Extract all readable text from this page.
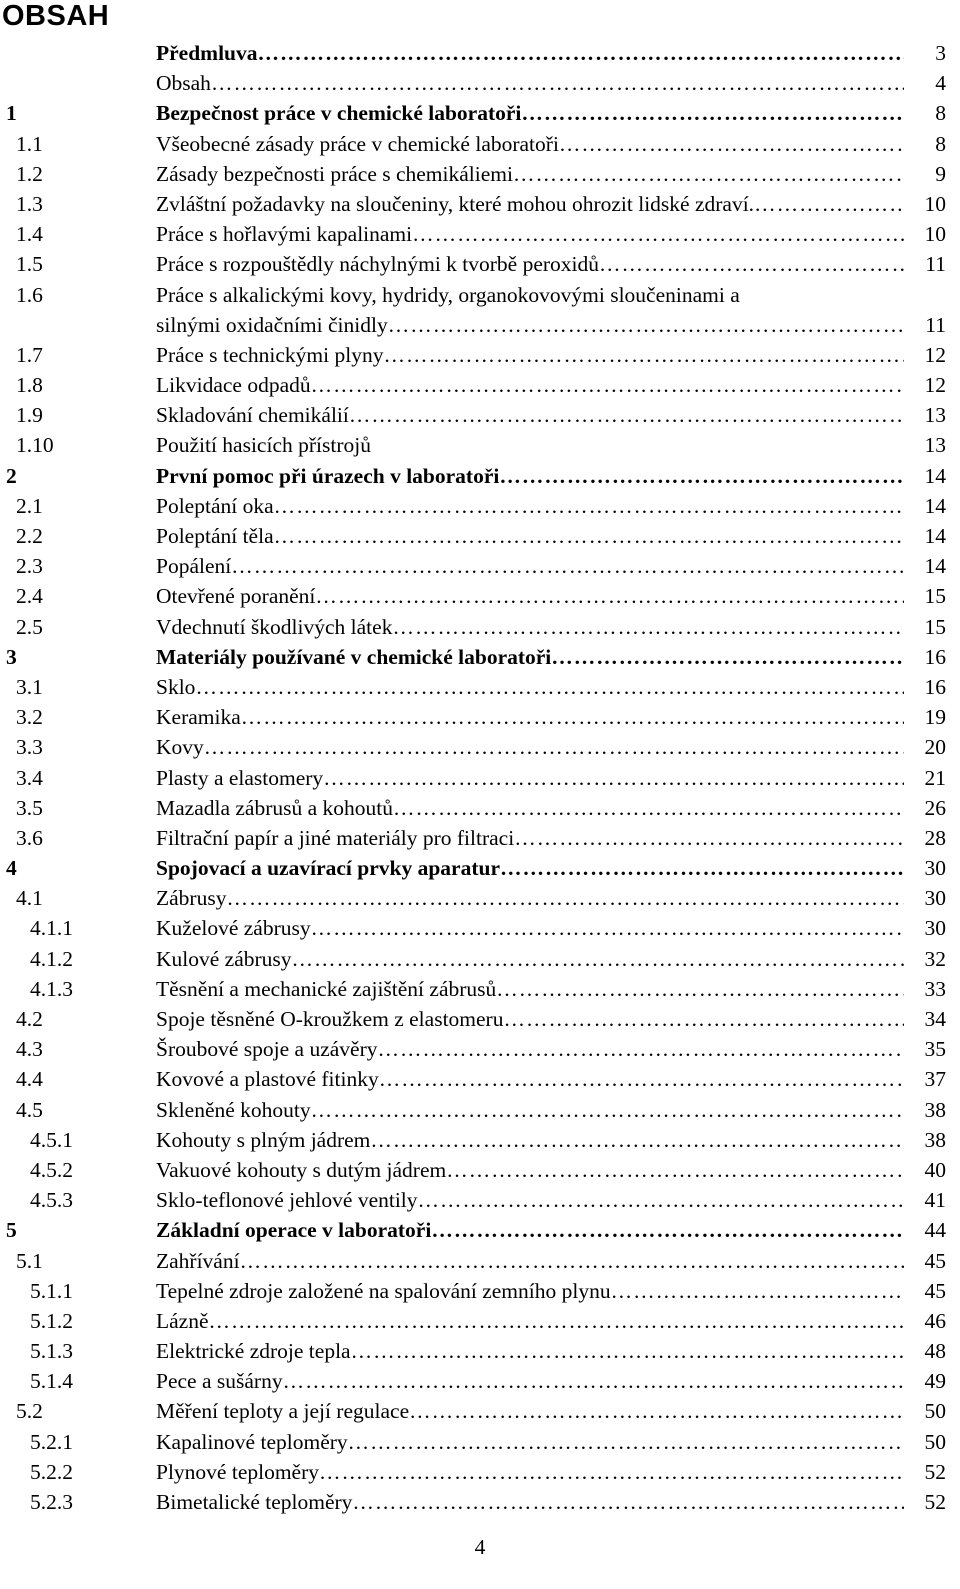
OBSAH
Předmluva ……………………………………………………………………………………………………………………………………………………………………………………………	3
Obsah ……………………………………………………………………………………………………………………………………………………………………………………………	4
1	Bezpečnost práce v chemické laboratoři ……………………………………………………………………………………………………………………………………………………………………………………………	8
1.1	Všeobecné zásady práce v chemické laboratoři ……………………………………………………………………………………………………………………………………………………………………………………………	8
1.2	Zásady bezpečnosti práce s chemikáliemi ……………………………………………………………………………………………………………………………………………………………………………………………	9
1.3	Zvláštní požadavky na sloučeniny, které mohou ohrozit lidské zdraví. ……………………………………………………………………………………………………………………………………………………………………………………………	10
1.4	Práce s hořlavými kapalinami ……………………………………………………………………………………………………………………………………………………………………………………………	10
1.5	Práce s rozpouštědly náchylnými k tvorbě peroxidů ……………………………………………………………………………………………………………………………………………………………………………………………	11
1.6	Práce s alkalickými kovy, hydridy, organokovovými sloučeninami a
silnými oxidačními činidly ……………………………………………………………………………………………………………………………………………………………………………………………	11
1.7	Práce s technickými plyny ……………………………………………………………………………………………………………………………………………………………………………………………	12
1.8	Likvidace odpadů ……………………………………………………………………………………………………………………………………………………………………………………………	12
1.9	Skladování chemikálií ……………………………………………………………………………………………………………………………………………………………………………………………	13
1.10	Použití hasicích přístrojů	13
2	První pomoc při úrazech v laboratoři ……………………………………………………………………………………………………………………………………………………………………………………………	14
2.1	Poleptání oka ……………………………………………………………………………………………………………………………………………………………………………………………	14
2.2	Poleptání těla ……………………………………………………………………………………………………………………………………………………………………………………………	14
2.3	Popálení ……………………………………………………………………………………………………………………………………………………………………………………………	14
2.4	Otevřené poranění ……………………………………………………………………………………………………………………………………………………………………………………………	15
2.5	Vdechnutí škodlivých látek ……………………………………………………………………………………………………………………………………………………………………………………………	15
3	Materiály používané v chemické laboratoři ……………………………………………………………………………………………………………………………………………………………………………………………	16
3.1	Sklo ……………………………………………………………………………………………………………………………………………………………………………………………	16
3.2	Keramika ……………………………………………………………………………………………………………………………………………………………………………………………	19
3.3	Kovy ……………………………………………………………………………………………………………………………………………………………………………………………	20
3.4	Plasty a elastomery ……………………………………………………………………………………………………………………………………………………………………………………………	21
3.5	Mazadla zábrusů a kohoutů ……………………………………………………………………………………………………………………………………………………………………………………………	26
3.6	Filtrační papír a jiné materiály pro filtraci ……………………………………………………………………………………………………………………………………………………………………………………………	28
4	Spojovací a uzavírací prvky aparatur ……………………………………………………………………………………………………………………………………………………………………………………………	30
4.1	Zábrusy ……………………………………………………………………………………………………………………………………………………………………………………………	30
4.1.1	Kuželové zábrusy ……………………………………………………………………………………………………………………………………………………………………………………………	30
4.1.2	Kulové zábrusy ……………………………………………………………………………………………………………………………………………………………………………………………	32
4.1.3	Těsnění a mechanické zajištění zábrusů ……………………………………………………………………………………………………………………………………………………………………………………………	33
4.2	Spoje těsněné O-kroužkem z elastomeru ……………………………………………………………………………………………………………………………………………………………………………………………	34
4.3	Šroubové spoje a uzávěry ……………………………………………………………………………………………………………………………………………………………………………………………	35
4.4	Kovové a plastové fitinky ……………………………………………………………………………………………………………………………………………………………………………………………	37
4.5	Skleněné kohouty ……………………………………………………………………………………………………………………………………………………………………………………………	38
4.5.1	Kohouty s plným jádrem ……………………………………………………………………………………………………………………………………………………………………………………………	38
4.5.2	Vakuové kohouty s dutým jádrem ……………………………………………………………………………………………………………………………………………………………………………………………	40
4.5.3	Sklo-teflonové jehlové ventily ……………………………………………………………………………………………………………………………………………………………………………………………	41
5	Základní operace v laboratoři ……………………………………………………………………………………………………………………………………………………………………………………………	44
5.1	Zahřívání ……………………………………………………………………………………………………………………………………………………………………………………………	45
5.1.1	Tepelné zdroje založené na spalování zemního plynu ……………………………………………………………………………………………………………………………………………………………………………………………	45
5.1.2	Lázně ……………………………………………………………………………………………………………………………………………………………………………………………	46
5.1.3	Elektrické zdroje tepla ……………………………………………………………………………………………………………………………………………………………………………………………	48
5.1.4	Pece a sušárny ……………………………………………………………………………………………………………………………………………………………………………………………	49
5.2	Měření teploty a její regulace ……………………………………………………………………………………………………………………………………………………………………………………………	50
5.2.1	Kapalinové teploměry ……………………………………………………………………………………………………………………………………………………………………………………………	50
5.2.2	Plynové teploměry ……………………………………………………………………………………………………………………………………………………………………………………………	52
5.2.3	Bimetalické teploměry ……………………………………………………………………………………………………………………………………………………………………………………………	52
4
